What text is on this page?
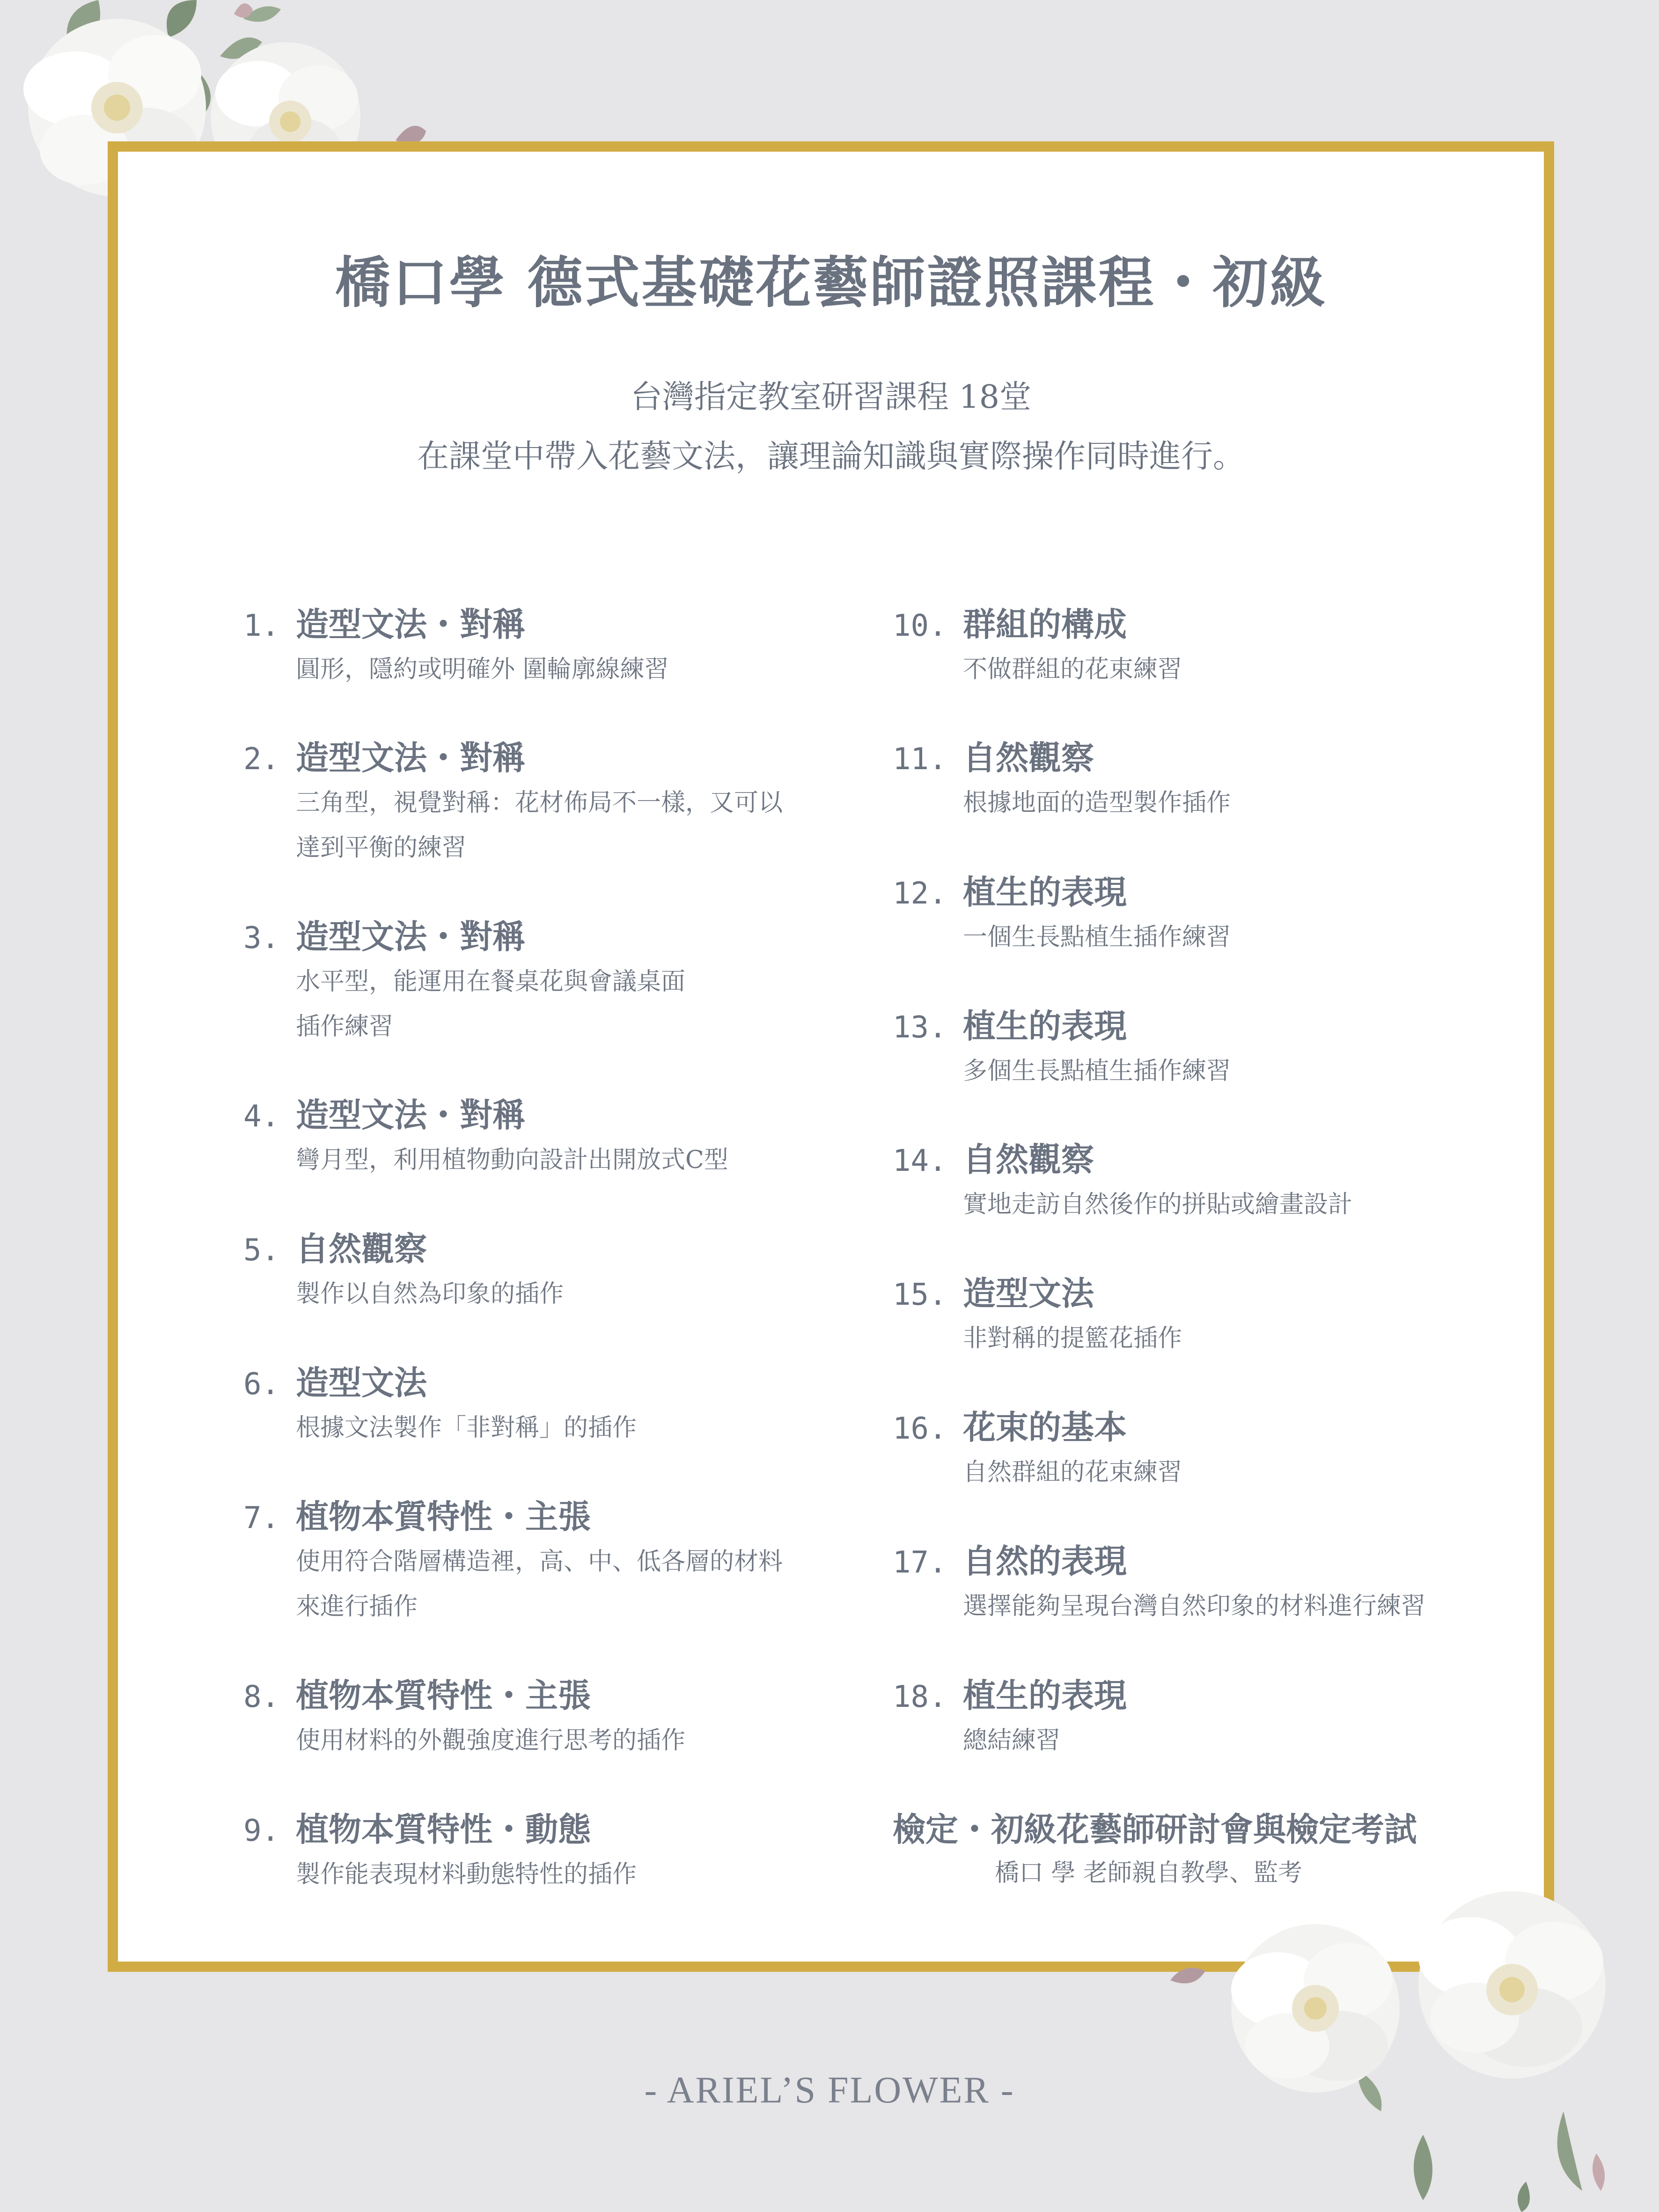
橋口學 德式基礎花藝師證照課程・初級
台灣指定教室研習課程 18堂
在課堂中帶入花藝文法，讓理論知識與實際操作同時進行。
1. 造型文法・對稱
圓形，隱約或明確外 圍輪廓線練習
2. 造型文法・對稱
三角型，視覺對稱：花材佈局不一樣，又可以
達到平衡的練習
3. 造型文法・對稱
水平型，能運用在餐桌花與會議桌面
插作練習
4. 造型文法・對稱
彎月型，利用植物動向設計出開放式C型
5. 自然觀察
製作以自然為印象的插作
6. 造型文法
根據文法製作「非對稱」的插作
7. 植物本質特性・主張
使用符合階層構造裡，高、中、低各層的材料
來進行插作
8. 植物本質特性・主張
使用材料的外觀強度進行思考的插作
9. 植物本質特性・動態
製作能表現材料動態特性的插作
10. 群組的構成
不做群組的花束練習
11. 自然觀察
根據地面的造型製作插作
12. 植生的表現
一個生長點植生插作練習
13. 植生的表現
多個生長點植生插作練習
14. 自然觀察
實地走訪自然後作的拼貼或繪畫設計
15. 造型文法
非對稱的提籃花插作
16. 花束的基本
自然群組的花束練習
17. 自然的表現
選擇能夠呈現台灣自然印象的材料進行練習
18. 植生的表現
總結練習
檢定・初級花藝師研討會與檢定考試
橋口 學 老師親自教學、監考
- ARIEL’S FLOWER -
